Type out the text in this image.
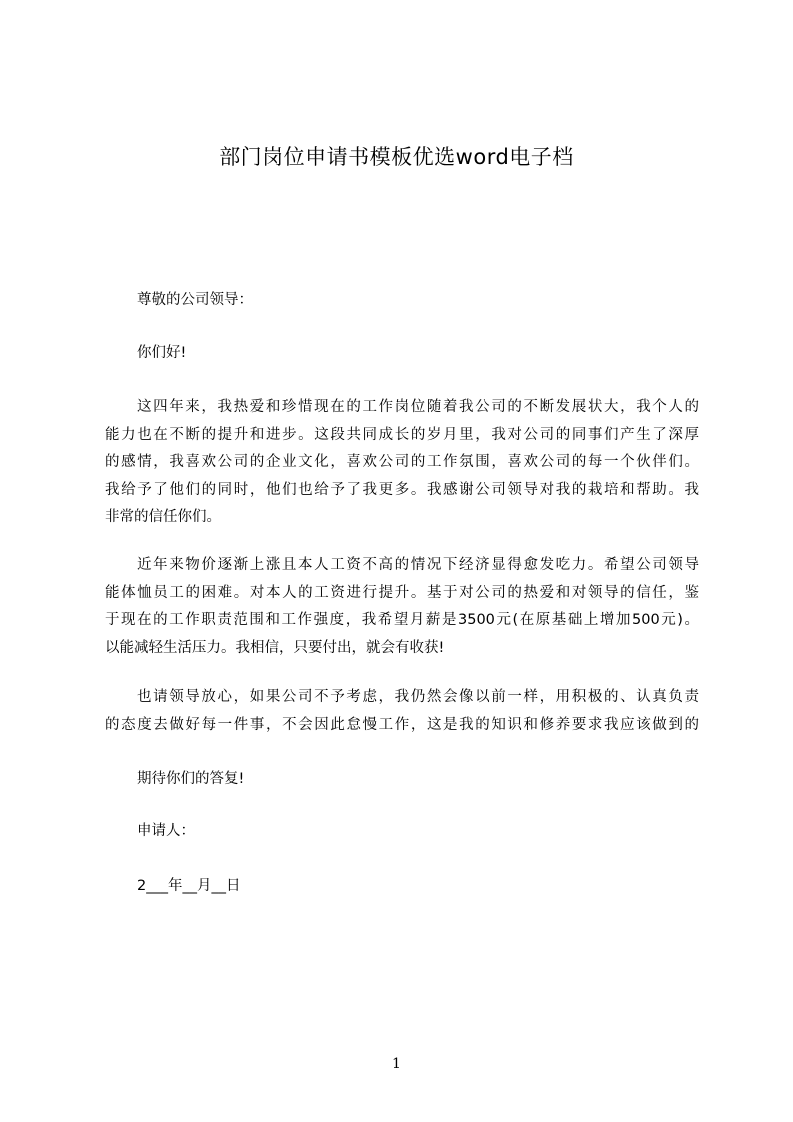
部门岗位申请书模板优选word电子档
尊敬的公司领导：
你们好!
这四年来，我热爱和珍惜现在的工作岗位随着我公司的不断发展状大，我个人的
能力也在不断的提升和进步。这段共同成长的岁月里，我对公司的同事们产生了深厚
的感情，我喜欢公司的企业文化，喜欢公司的工作氛围，喜欢公司的每一个伙伴们。
我给予了他们的同时，他们也给予了我更多。我感谢公司领导对我的栽培和帮助。我
非常的信任你们。
近年来物价逐渐上涨且本人工资不高的情况下经济显得愈发吃力。希望公司领导
能体恤员工的困难。对本人的工资进行提升。基于对公司的热爱和对领导的信任，鉴
于现在的工作职责范围和工作强度，我希望月薪是3500元(在原基础上增加500元)。
以能减轻生活压力。我相信，只要付出，就会有收获!
也请领导放心，如果公司不予考虑，我仍然会像以前一样，用积极的、认真负责
的态度去做好每一件事，不会因此怠慢工作，这是我的知识和修养要求我应该做到的
期待你们的答复!
申请人：
2___年__月__日
1
